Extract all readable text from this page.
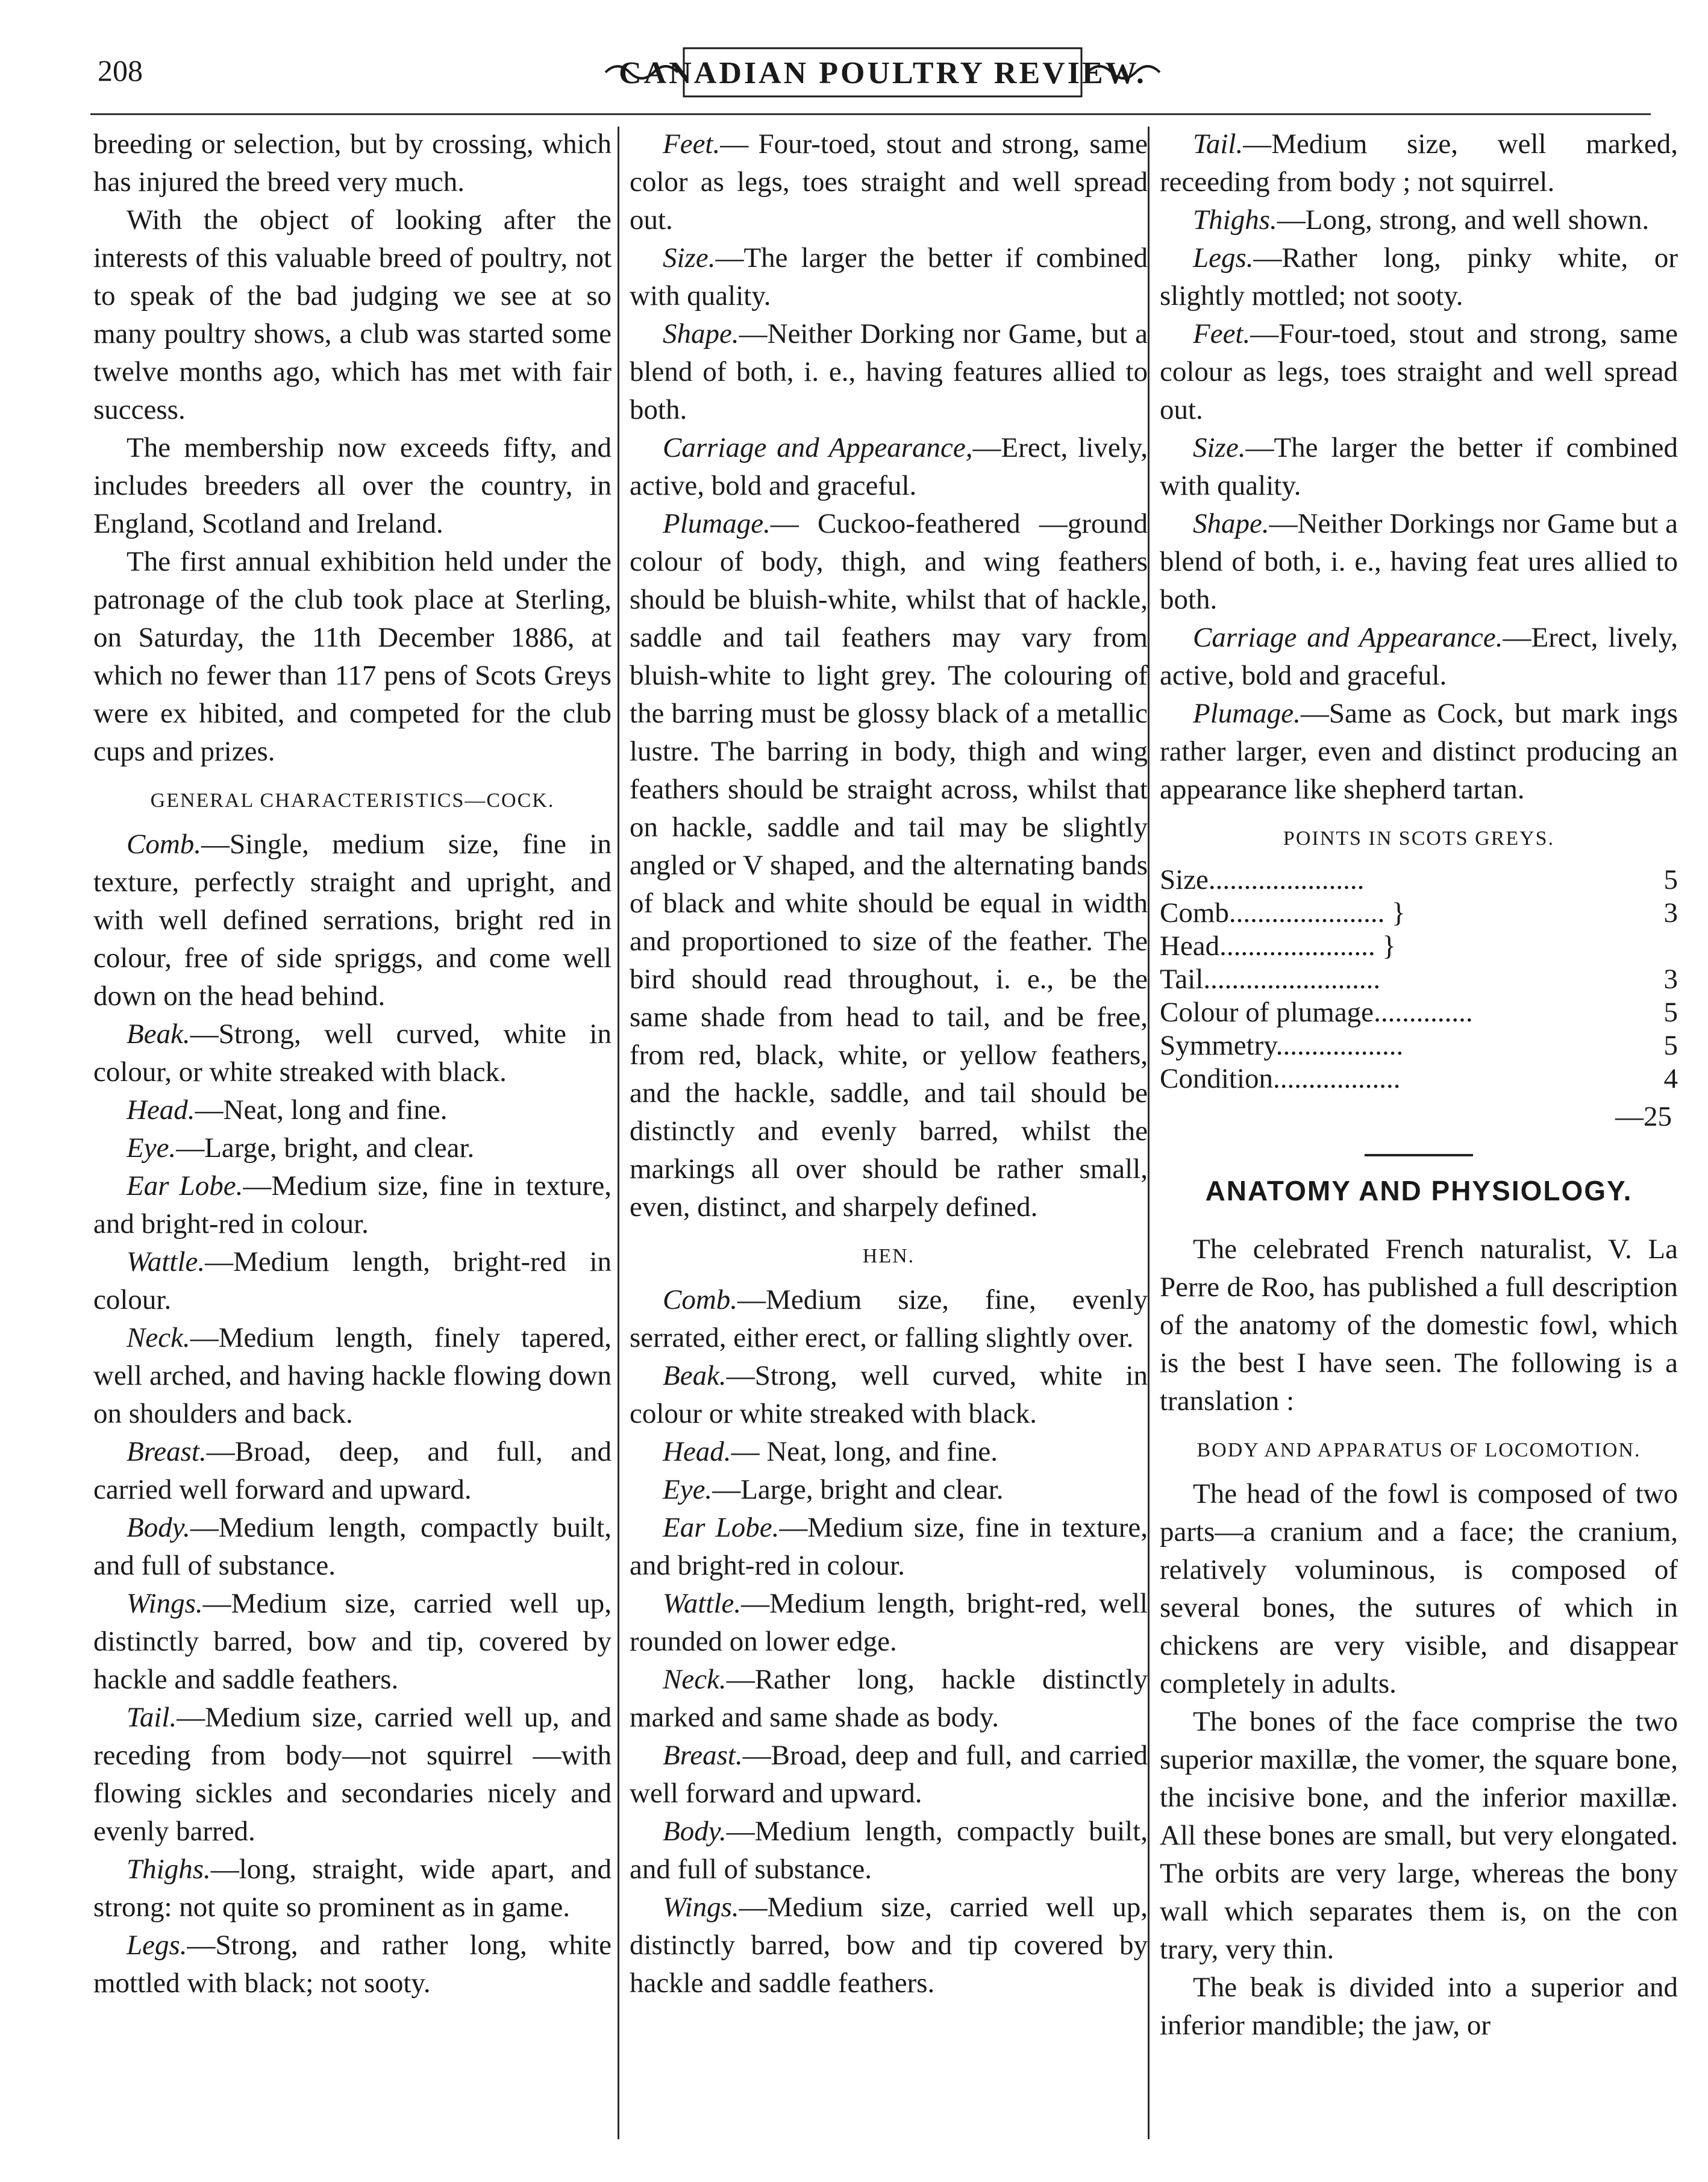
208	CANADIAN POULTRY REVIEW.

breeding or selection, but by crossing, which has injured the breed very much.

With the object of looking after the interests of this valuable breed of poultry, not to speak of the bad judging we see at so many poultry shows, a club was started some twelve months ago, which has met with fair success.

The membership now exceeds fifty, and includes breeders all over the country, in England, Scotland and Ireland.

The first annual exhibition held under the patronage of the club took place at Sterling, on Saturday, the 11th December 1886, at which no fewer than 117 pens of Scots Greys were ex hibited, and competed for the club cups and prizes.

GENERAL CHARACTERISTICS—COCK.

Comb.—Single, medium size, fine in texture, perfectly straight and upright, and with well defined serrations, bright red in colour, free of side spriggs, and come well down on the head behind.

Beak.—Strong, well curved, white in colour, or white streaked with black.

Head.—Neat, long and fine.

Eye.—Large, bright, and clear.

Ear Lobe.—Medium size, fine in texture, and bright-red in colour.

Wattle.—Medium length, bright-red in colour.

Neck.—Medium length, finely tapered, well arched, and having hackle flowing down on shoulders and back.

Breast.—Broad, deep, and full, and carried well forward and upward.

Body.—Medium length, compactly built, and full of substance.

Wings.—Medium size, carried well up, distinctly barred, bow and tip, covered by hackle and saddle feathers.

Tail.—Medium size, carried well up, and receding from body—not squirrel —with flowing sickles and secondaries nicely and evenly barred.

Thighs.—long, straight, wide apart, and strong: not quite so prominent as in game.

Legs.—Strong, and rather long, white mottled with black; not sooty.

Feet.— Four-toed, stout and strong, same color as legs, toes straight and well spread out.

Size.—The larger the better if combined with quality.

Shape.—Neither Dorking nor Game, but a blend of both, i. e., having features allied to both.

Carriage and Appearance,—Erect, lively, active, bold and graceful.

Plumage.— Cuckoo-feathered —ground colour of body, thigh, and wing feathers should be bluish-white, whilst that of hackle, saddle and tail feathers may vary from bluish-white to light grey. The colouring of the barring must be glossy black of a metallic lustre. The barring in body, thigh and wing feathers should be straight across, whilst that on hackle, saddle and tail may be slightly angled or V shaped, and the alternating bands of black and white should be equal in width and proportioned to size of the feather. The bird should read throughout, i. e., be the same shade from head to tail, and be free, from red, black, white, or yellow feathers, and the hackle, saddle, and tail should be distinctly and evenly barred, whilst the markings all over should be rather small, even, distinct, and sharpely defined.

HEN.

Comb.—Medium size, fine, evenly serrated, either erect, or falling slightly over.

Beak.—Strong, well curved, white in colour or white streaked with black.

Head.— Neat, long, and fine.

Eye.—Large, bright and clear.

Ear Lobe.—Medium size, fine in texture, and bright-red in colour.

Wattle.—Medium length, bright-red, well rounded on lower edge.

Neck.—Rather long, hackle distinctly marked and same shade as body.

Breast.—Broad, deep and full, and carried well forward and upward.

Body.—Medium length, compactly built, and full of substance.

Wings.—Medium size, carried well up, distinctly barred, bow and tip covered by hackle and saddle feathers.

Tail.—Medium size, well marked, receeding from body ; not squirrel.

Thighs.—Long, strong, and well shown.

Legs.—Rather long, pinky white, or slightly mottled; not sooty.

Feet.—Four-toed, stout and strong, same colour as legs, toes straight and well spread out.

Size.—The larger the better if combined with quality.

Shape.—Neither Dorkings nor Game but a blend of both, i. e., having feat ures allied to both.

Carriage and Appearance.—Erect, lively, active, bold and graceful.

Plumage.—Same as Cock, but mark ings rather larger, even and distinct producing an appearance like shepherd tartan.

POINTS IN SCOTS GREYS.

Size......................	5
Comb...................... }	3
Head...................... }	
Tail.........................	3
Colour of plumage..............	5
Symmetry..................	5
Condition..................	4

—25

ANATOMY AND PHYSIOLOGY.

The celebrated French naturalist, V. La Perre de Roo, has published a full description of the anatomy of the domestic fowl, which is the best I have seen. The following is a translation :

BODY AND APPARATUS OF LOCOMOTION.

The head of the fowl is composed of two parts—a cranium and a face; the cranium, relatively voluminous, is composed of several bones, the sutures of which in chickens are very visible, and disappear completely in adults.

The bones of the face comprise the two superior maxillæ, the vomer, the square bone, the incisive bone, and the inferior maxillæ. All these bones are small, but very elongated. The orbits are very large, whereas the bony wall which separates them is, on the con trary, very thin.

The beak is divided into a superior and inferior mandible; the jaw, or
